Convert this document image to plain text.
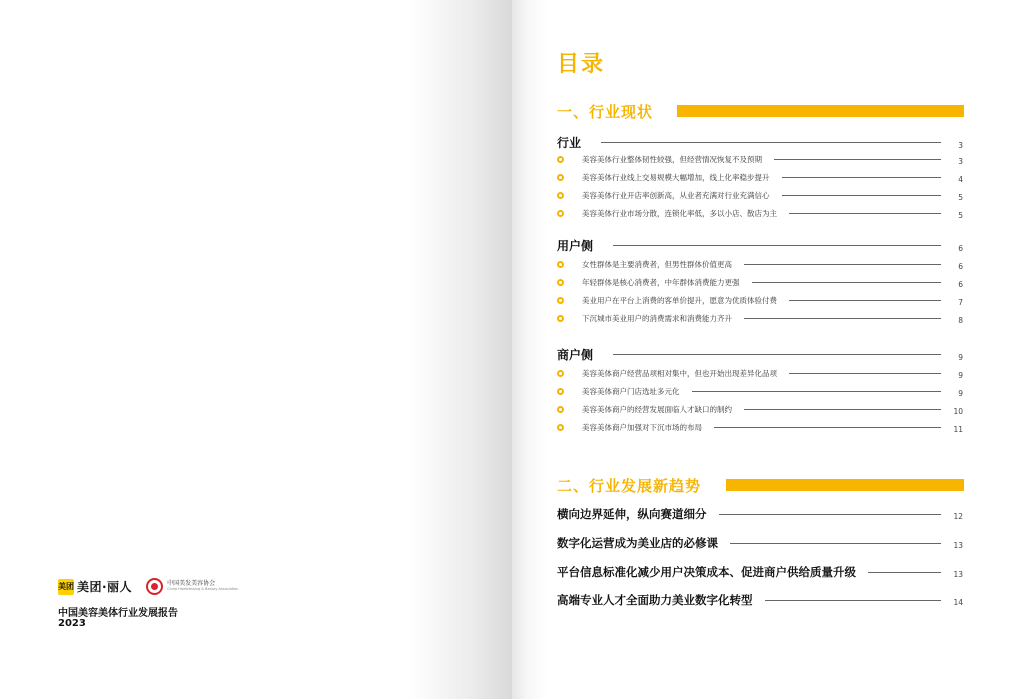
美团 美团·丽人	中国美发美容协会
China Hairdressing & Beauty Association
中国美容美体行业发展报告
2023
目录
一、行业现状
行业	3
美容美体行业整体韧性较强，但经营情况恢复不及预期	3
美容美体行业线上交易规模大幅增加，线上化率稳步提升	4
美容美体行业开店率创新高，从业者充满对行业充满信心	5
美容美体行业市场分散，连锁化率低，多以小店、散店为主	5
用户侧	6
女性群体是主要消费者，但男性群体价值更高	6
年轻群体是核心消费者，中年群体消费能力更强	6
美业用户在平台上消费的客单价提升，愿意为优质体验付费	7
下沉城市美业用户的消费需求和消费能力齐升	8
商户侧	9
美容美体商户经营品项相对集中，但也开始出现差异化品项	9
美容美体商户门店选址多元化	9
美容美体商户的经营发展面临人才缺口的制约	10
美容美体商户加强对下沉市场的布局	11
二、行业发展新趋势
横向边界延伸，纵向赛道细分	12
数字化运营成为美业店的必修课	13
平台信息标准化减少用户决策成本、促进商户供给质量升级	13
高端专业人才全面助力美业数字化转型	14
